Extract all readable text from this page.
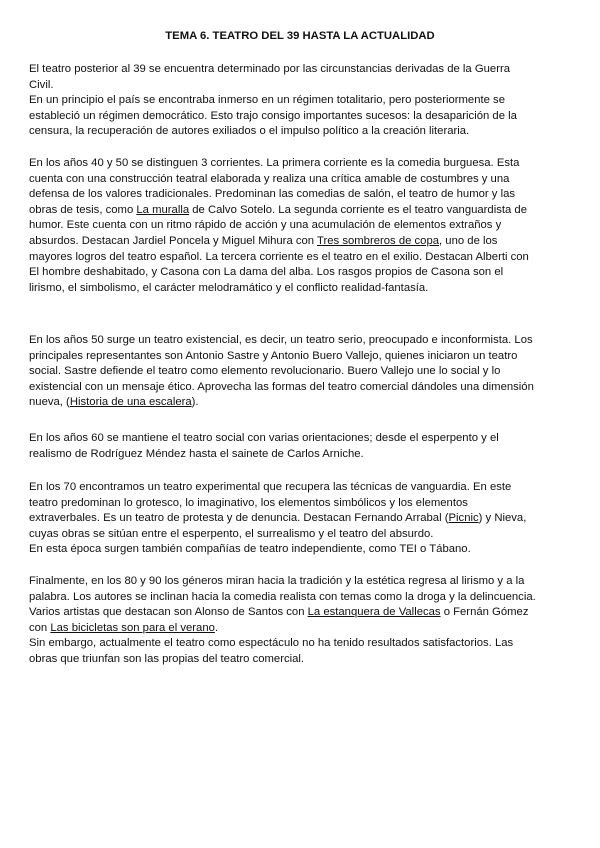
TEMA 6. TEATRO DEL 39 HASTA LA ACTUALIDAD
El teatro posterior al 39 se encuentra determinado por las circunstancias derivadas de la Guerra
Civil.
En un principio el país se encontraba inmerso en un régimen totalitario, pero posteriormente se
estableció un régimen democrático. Esto trajo consigo importantes sucesos: la desaparición de la
censura, la recuperación de autores exiliados o el impulso político a la creación literaria.
En los años 40 y 50 se distinguen 3 corrientes. La primera corriente es la comedia burguesa. Esta
cuenta con una construcción teatral elaborada y realiza una crítica amable de costumbres y una
defensa de los valores tradicionales. Predominan las comedias de salón, el teatro de humor y las
obras de tesis, como La muralla de Calvo Sotelo. La segunda corriente es el teatro vanguardista de
humor. Este cuenta con un ritmo rápido de acción y una acumulación de elementos extraños y
absurdos. Destacan Jardiel Poncela y Miguel Mihura con Tres sombreros de copa, uno de los
mayores logros del teatro español. La tercera corriente es el teatro en el exilio. Destacan Alberti con
El hombre deshabitado, y Casona con La dama del alba. Los rasgos propios de Casona son el
lirismo, el simbolismo, el carácter melodramático y el conflicto realidad-fantasía.
En los años 50 surge un teatro existencial, es decir, un teatro serio, preocupado e inconformista. Los
principales representantes son Antonio Sastre y Antonio Buero Vallejo, quienes iniciaron un teatro
social. Sastre defiende el teatro como elemento revolucionario. Buero Vallejo une lo social y lo
existencial con un mensaje ético. Aprovecha las formas del teatro comercial dándoles una dimensión
nueva, (Historia de una escalera).
En los años 60 se mantiene el teatro social con varias orientaciones; desde el esperpento y el
realismo de Rodríguez Méndez hasta el sainete de Carlos Arniche.
En los 70 encontramos un teatro experimental que recupera las técnicas de vanguardia. En este
teatro predominan lo grotesco, lo imaginativo, los elementos simbólicos y los elementos
extraverbales. Es un teatro de protesta y de denuncia. Destacan Fernando Arrabal (Picnic) y Nieva,
cuyas obras se sitúan entre el esperpento, el surrealismo y el teatro del absurdo.
En esta época surgen también compañías de teatro independiente, como TEI o Tábano.
Finalmente, en los 80 y 90 los géneros miran hacia la tradición y la estética regresa al lirismo y a la
palabra. Los autores se inclinan hacia la comedia realista con temas como la droga y la delincuencia.
Varios artistas que destacan son Alonso de Santos con La estanquera de Vallecas o Fernán Gómez
con Las bicicletas son para el verano.
Sin embargo, actualmente el teatro como espectáculo no ha tenido resultados satisfactorios. Las
obras que triunfan son las propias del teatro comercial.
